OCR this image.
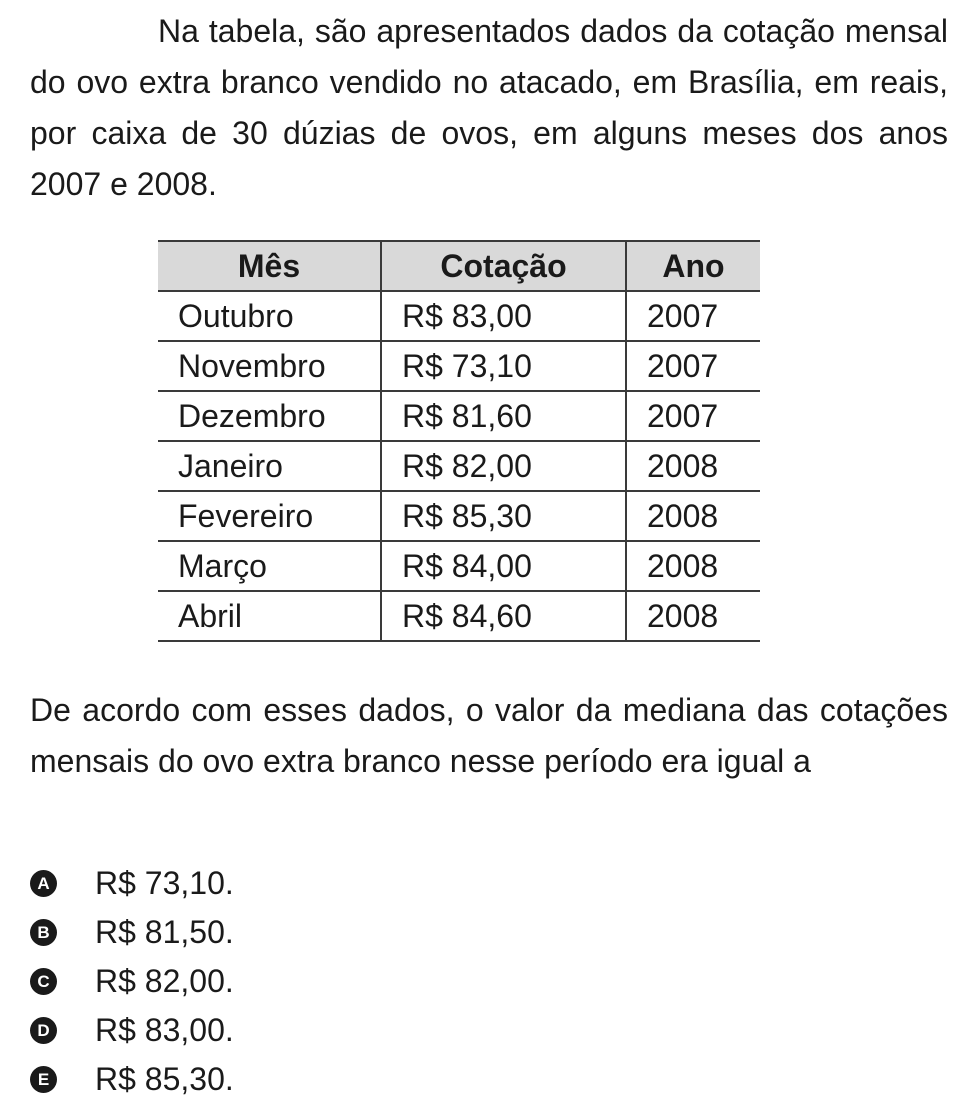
Na tabela, são apresentados dados da cotação mensal do ovo extra branco vendido no atacado, em Brasília, em reais, por caixa de 30 dúzias de ovos, em alguns meses dos anos 2007 e 2008.

Mês	Cotação	Ano
Outubro	R$ 83,00	2007
Novembro	R$ 73,10	2007
Dezembro	R$ 81,60	2007
Janeiro	R$ 82,00	2008
Fevereiro	R$ 85,30	2008
Março	R$ 84,00	2008
Abril	R$ 84,60	2008

De acordo com esses dados, o valor da mediana das cotações mensais do ovo extra branco nesse período era igual a

A R$ 73,10.
B R$ 81,50.
C R$ 82,00.
D R$ 83,00.
E R$ 85,30.
